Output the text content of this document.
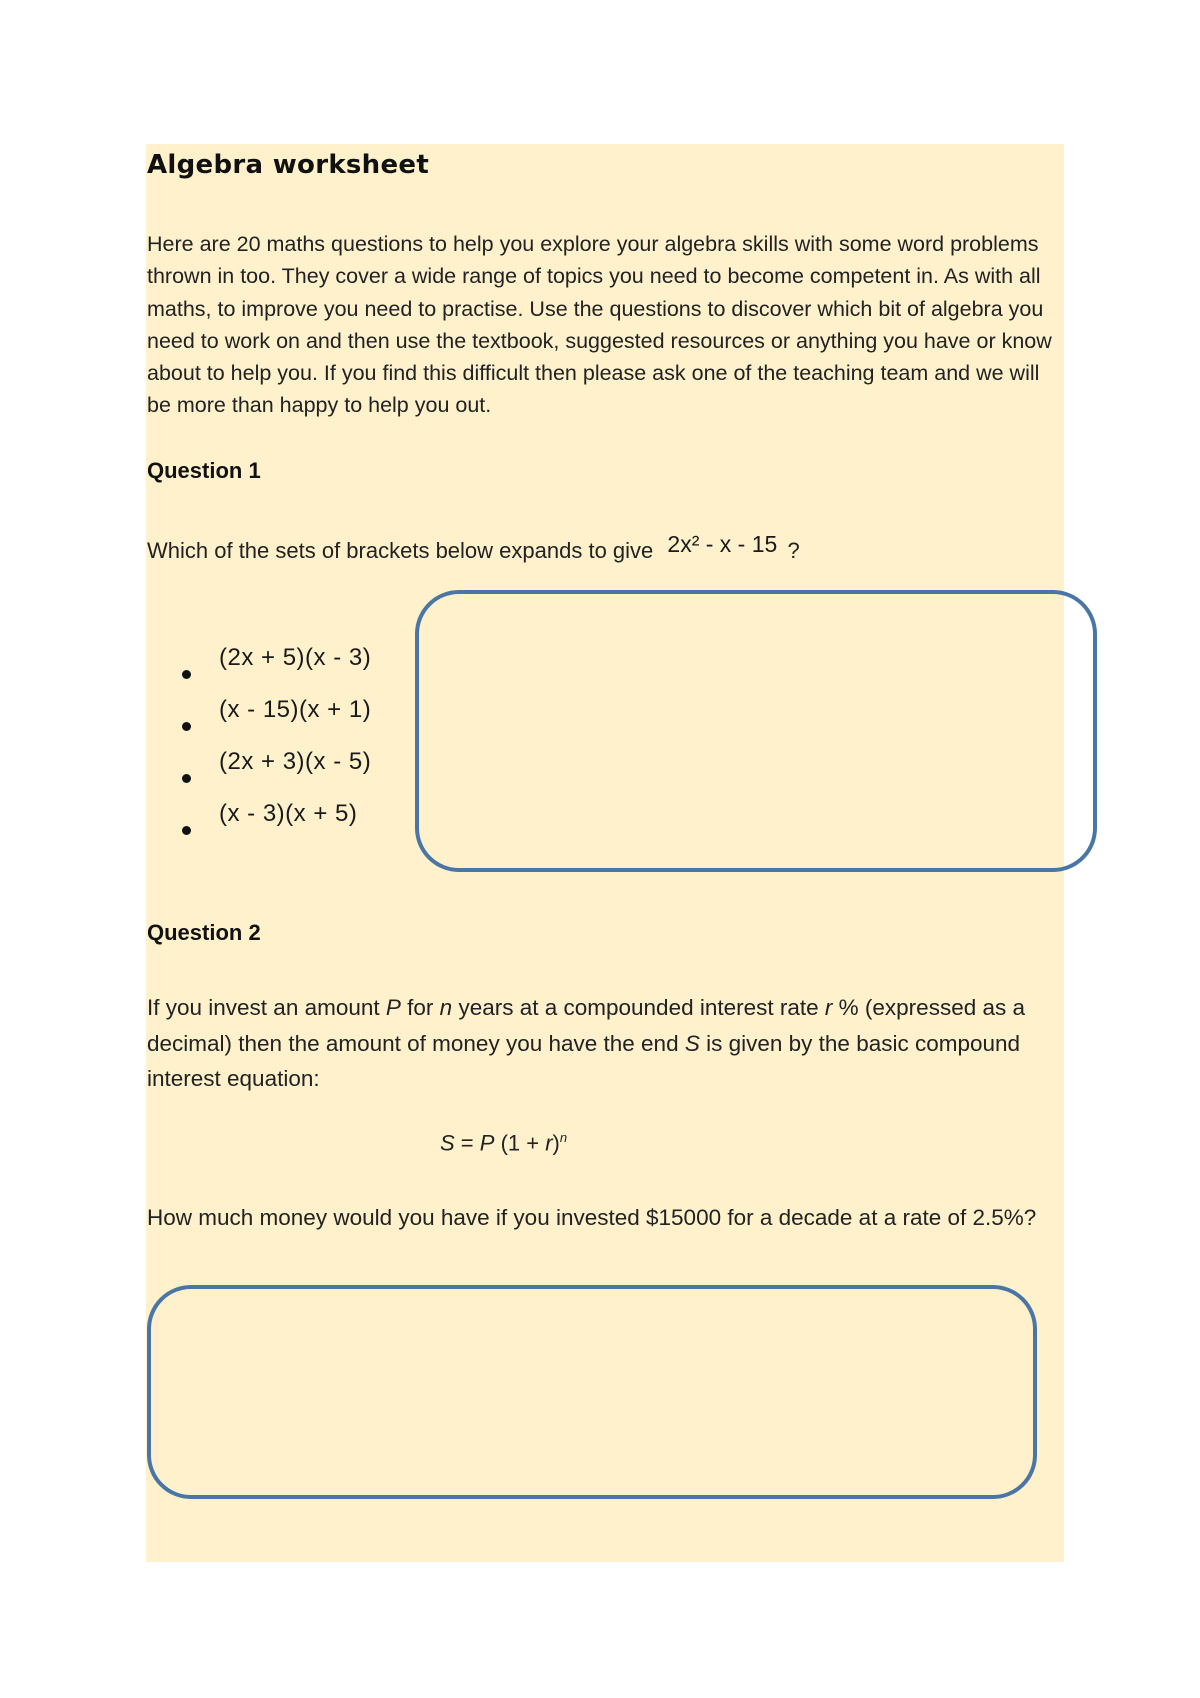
Algebra worksheet

Here are 20 maths questions to help you explore your algebra skills with some word problems thrown in too. They cover a wide range of topics you need to become competent in. As with all maths, to improve you need to practise. Use the questions to discover which bit of algebra you need to work on and then use the textbook, suggested resources or anything you have or know about to help you. If you find this difficult then please ask one of the teaching team and we will be more than happy to help you out.

Question 1

Which of the sets of brackets below expands to give 2x² - x - 15 ?

(2x + 5)(x - 3)
(x - 15)(x + 1)
(2x + 3)(x - 5)
(x - 3)(x + 5)
Question 2

If you invest an amount P for n years at a compounded interest rate r % (expressed as a decimal) then the amount of money you have the end S is given by the basic compound interest equation:

S = P $(1 + r)^n$

How much money would you have if you invested $15000 for a decade at a rate of 2.5%?
